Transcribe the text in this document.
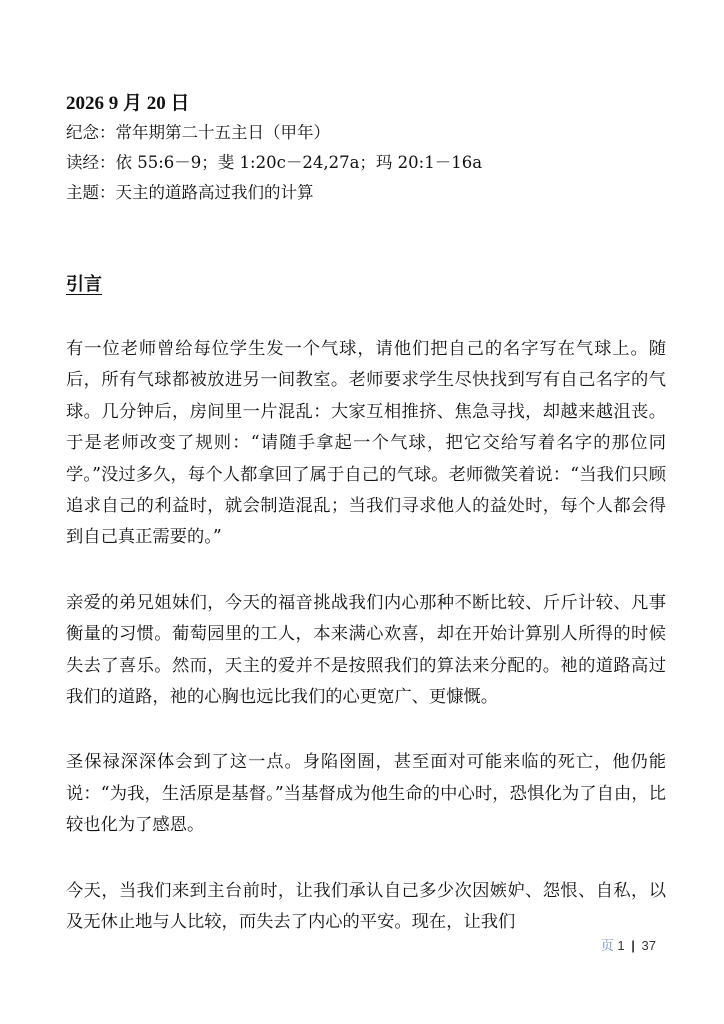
2026 9 月 20 日

纪念：常年期第二十五主日（甲年）

读经：依 55:6－9；斐 1:20c－24,27a；玛 20:1－16a

主题：天主的道路高过我们的计算

引言

有一位老师曾给每位学生发一个气球，请他们把自己的名字写在气球上。随后，所有气球都被放进另一间教室。老师要求学生尽快找到写有自己名字的气球。几分钟后，房间里一片混乱：大家互相推挤、焦急寻找，却越来越沮丧。于是老师改变了规则：“请随手拿起一个气球，把它交给写着名字的那位同学。”没过多久，每个人都拿回了属于自己的气球。老师微笑着说：“当我们只顾追求自己的利益时，就会制造混乱；当我们寻求他人的益处时，每个人都会得到自己真正需要的。”

亲爱的弟兄姐妹们，今天的福音挑战我们内心那种不断比较、斤斤计较、凡事衡量的习惯。葡萄园里的工人，本来满心欢喜，却在开始计算别人所得的时候失去了喜乐。然而，天主的爱并不是按照我们的算法来分配的。祂的道路高过我们的道路，祂的心胸也远比我们的心更宽广、更慷慨。

圣保禄深深体会到了这一点。身陷囹圄，甚至面对可能来临的死亡，他仍能说：“为我，生活原是基督。”当基督成为他生命的中心时，恐惧化为了自由，比较也化为了感恩。

今天，当我们来到主台前时，让我们承认自己多少次因嫉妒、怨恨、自私，以及无休止地与人比较，而失去了内心的平安。现在，让我们

页 1 | 37
